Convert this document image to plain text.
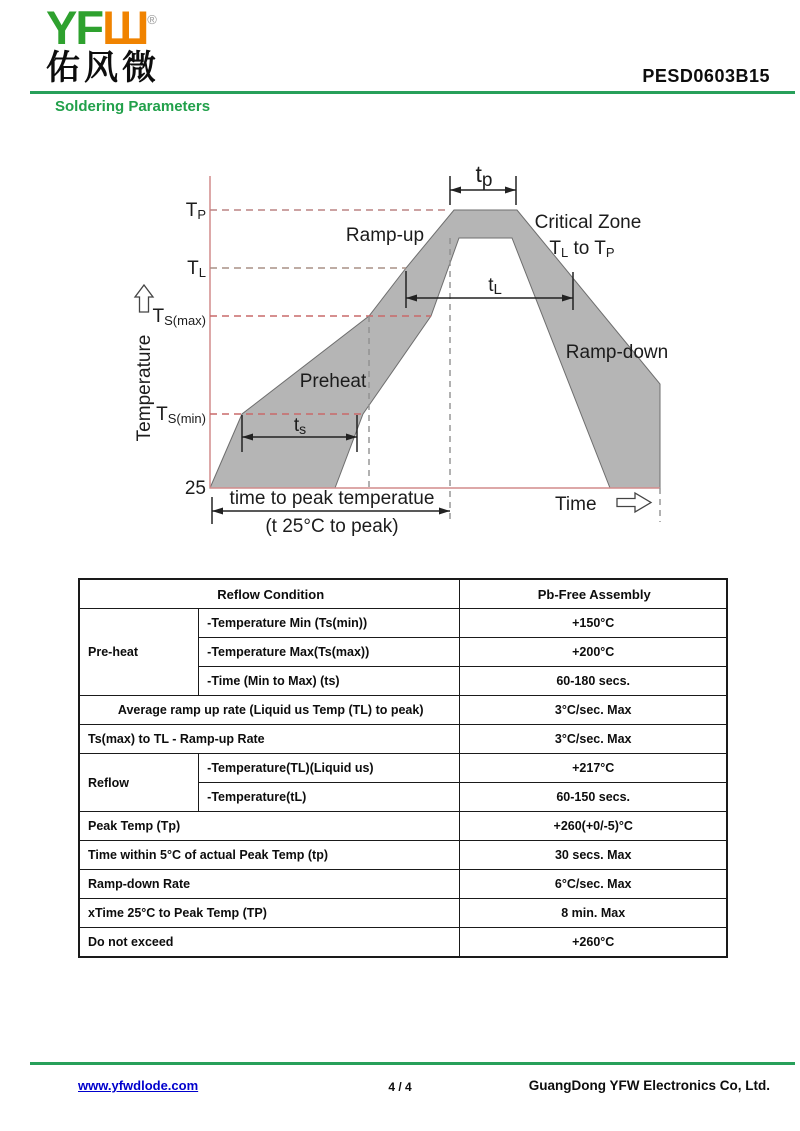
YFШ®
佑风微
Soldering Parameters
PESD0603B15
TP
TL
TS(max)
TS(min)
25
Temperature
Time
Ramp-up
Critical Zone
TL to TP
Ramp-down
Preheat
tp
tL
ts
time to peak temperatue
(t 25°C to peak)
Reflow Condition		Pb-Free Assembly
Pre-heat	-Temperature Min (Ts(min))	+150°C
	-Temperature Max(Ts(max))	+200°C
	-Time (Min to Max) (ts)	60-180 secs.
Average ramp up rate (Liquid us Temp (TL) to peak)		3°C/sec. Max
Ts(max) to TL - Ramp-up Rate		3°C/sec. Max
Reflow	-Temperature(TL)(Liquid us)	+217°C
	-Temperature(tL)	60-150 secs.
Peak Temp (Tp)		+260(+0/-5)°C
Time within 5°C of actual Peak Temp (tp)		30 secs. Max
Ramp-down Rate		6°C/sec. Max
xTime 25°C to Peak Temp (TP)		8 min. Max
Do not exceed		+260°C
www.yfwdlode.com	4 / 4	GuangDong YFW Electronics Co, Ltd.
